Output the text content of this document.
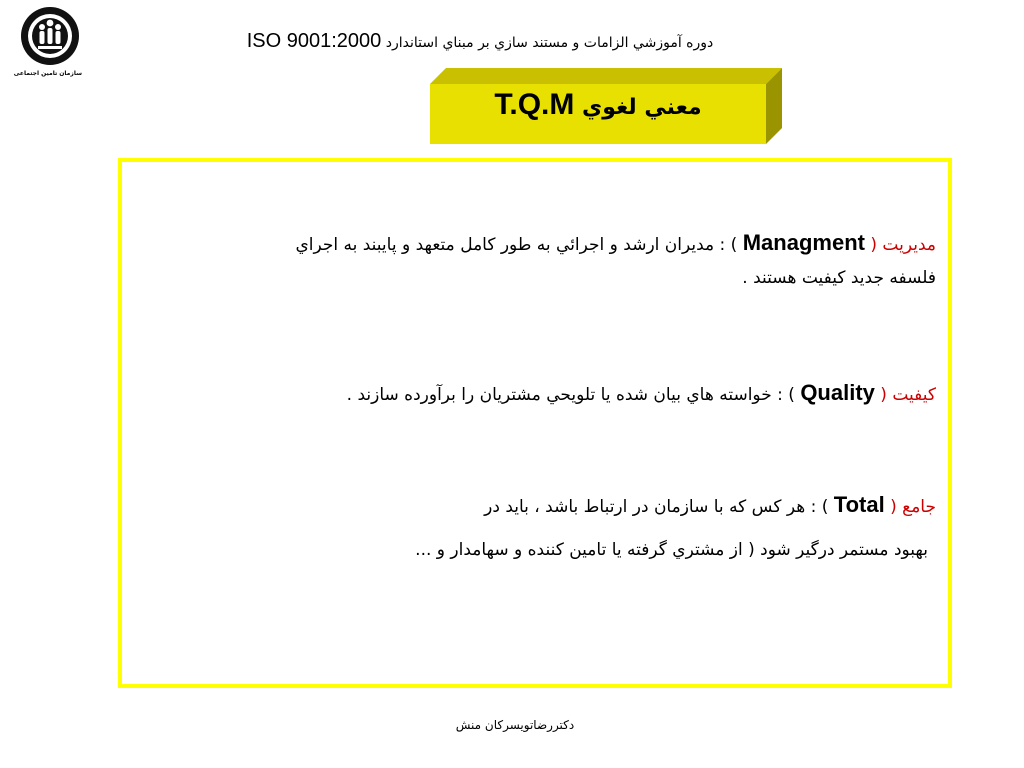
سازمان تامین اجتماعی
دوره آموزشي الزامات و مستند سازي بر مبناي استاندارد ISO 9001:2000
معني لغوي T.Q.M
مديريت ( Managment ) : مديران ارشد و اجرائي به طور كامل متعهد و پايبند به اجراي
فلسفه جديد كيفيت هستند .
كيفيت ( Quality ) : خواسته هاي بيان شده يا تلويحي مشتريان را برآورده سازند .
جامع ( Total ) : هر كس كه با سازمان در ارتباط باشد ، بايد در
بهبود مستمر درگير شود ( از مشتري گرفته يا تامين كننده و سهامدار و ...
دكتررضاتويسركان منش
